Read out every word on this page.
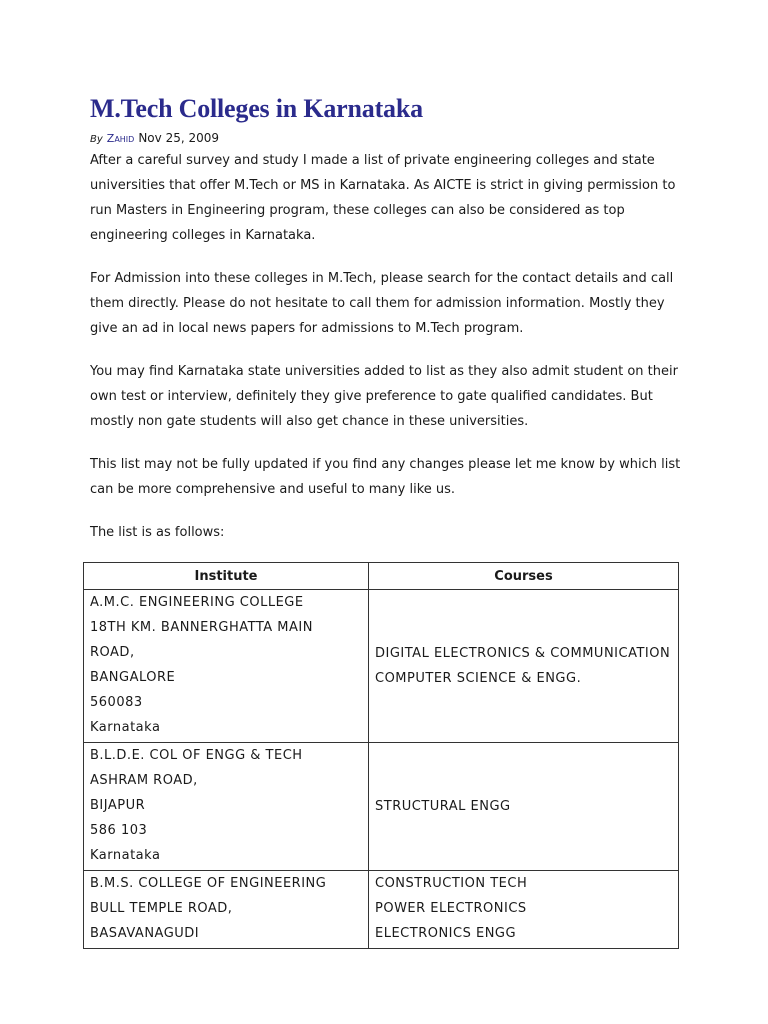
M.Tech Colleges in Karnataka
By Zahid Nov 25, 2009

After a careful survey and study I made a list of private engineering colleges and state universities that offer M.Tech or MS in Karnataka. As AICTE is strict in giving permission to run Masters in Engineering program, these colleges can also be considered as top engineering colleges in Karnataka.

For Admission into these colleges in M.Tech, please search for the contact details and call them directly. Please do not hesitate to call them for admission information. Mostly they give an ad in local news papers for admissions to M.Tech program.

You may find Karnataka state universities added to list as they also admit student on their own test or interview, definitely they give preference to gate qualified candidates. But mostly non gate students will also get chance in these universities.

This list may not be fully updated if you find any changes please let me know by which list can be more comprehensive and useful to many like us.

The list is as follows:

Institute	Courses

A.M.C. ENGINEERING COLLEGE
18TH KM. BANNERGHATTA MAIN ROAD,
BANGALORE
560083
Karnataka	DIGITAL ELECTRONICS & COMMUNICATION
COMPUTER SCIENCE & ENGG.

B.L.D.E. COL OF ENGG & TECH
ASHRAM ROAD,
BIJAPUR
586 103
Karnataka	STRUCTURAL ENGG

B.M.S. COLLEGE OF ENGINEERING
BULL TEMPLE ROAD,
BASAVANAGUDI	CONSTRUCTION TECH
POWER ELECTRONICS
ELECTRONICS ENGG
